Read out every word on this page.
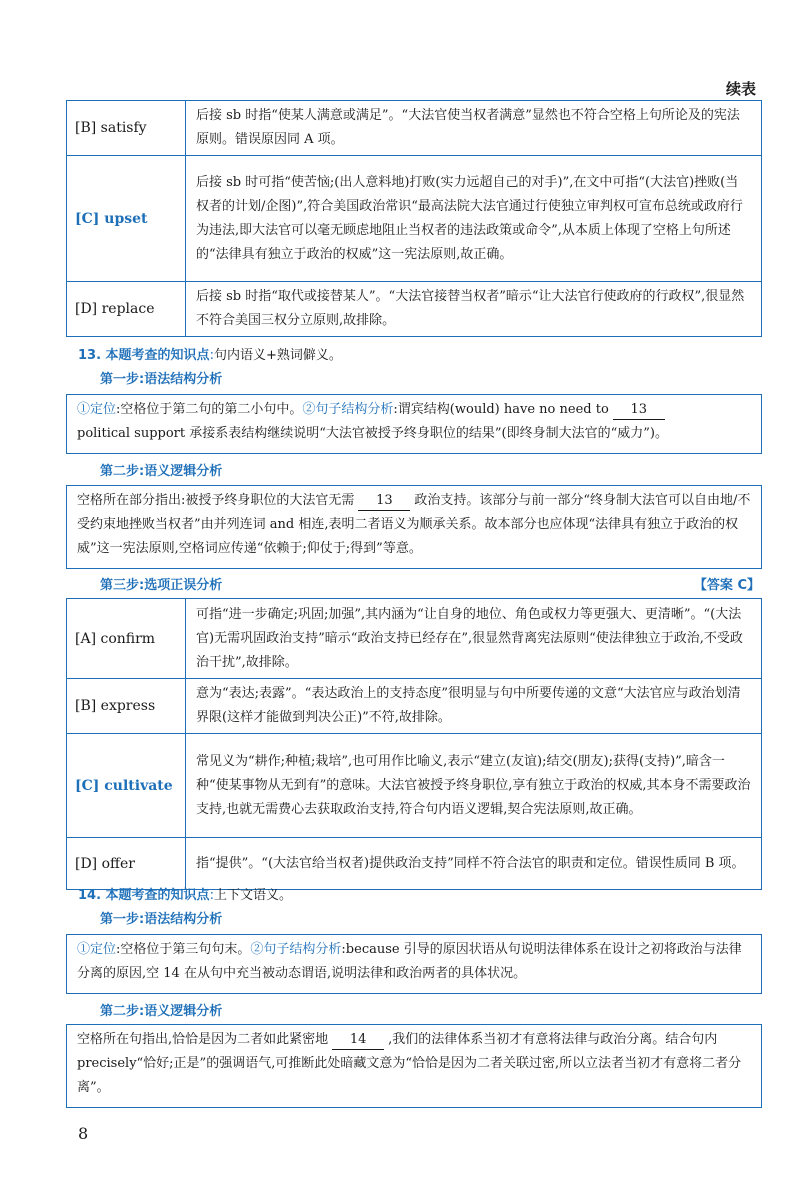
续表
[B] satisfy	后接 sb 时指“使某人满意或满足”。“大法官使当权者满意”显然也不符合空格上句所论及的宪法原则。错误原因同 A 项。
[C] upset	后接 sb 时可指“使苦恼;(出人意料地)打败(实力远超自己的对手)”,在文中可指“(大法官)挫败(当权者的计划/企图)”,符合美国政治常识“最高法院大法官通过行使独立审判权可宣布总统或政府行为违法,即大法官可以毫无顾虑地阻止当权者的违法政策或命令”,从本质上体现了空格上句所述的“法律具有独立于政治的权威”这一宪法原则,故正确。
[D] replace	后接 sb 时指“取代或接替某人”。“大法官接替当权者”暗示“让大法官行使政府的行政权”,很显然不符合美国三权分立原则,故排除。
13. 本题考查的知识点:句内语义+熟词僻义。
第一步:语法结构分析
①定位:空格位于第二句的第二小句中。②句子结构分析:谓宾结构(would) have no need to 13
political support 承接系表结构继续说明“大法官被授予终身职位的结果”(即终身制大法官的“威力”)。
第二步:语义逻辑分析
空格所在部分指出:被授予终身职位的大法官无需 13 政治支持。该部分与前一部分“终身制大法官可以自由地/不受约束地挫败当权者”由并列连词 and 相连,表明二者语义为顺承关系。故本部分也应体现“法律具有独立于政治的权威”这一宪法原则,空格词应传递“依赖于;仰仗于;得到”等意。
第三步:选项正误分析	【答案 C】
[A] confirm	可指“进一步确定;巩固;加强”,其内涵为“让自身的地位、角色或权力等更强大、更清晰”。“(大法官)无需巩固政治支持”暗示“政治支持已经存在”,很显然背离宪法原则“使法律独立于政治,不受政治干扰”,故排除。
[B] express	意为“表达;表露”。“表达政治上的支持态度”很明显与句中所要传递的文意“大法官应与政治划清界限(这样才能做到判决公正)”不符,故排除。
[C] cultivate	常见义为“耕作;种植;栽培”,也可用作比喻义,表示“建立(友谊);结交(朋友);获得(支持)”,暗含一种“使某事物从无到有”的意味。大法官被授予终身职位,享有独立于政治的权威,其本身不需要政治支持,也就无需费心去获取政治支持,符合句内语义逻辑,契合宪法原则,故正确。
[D] offer	指“提供”。“(大法官给当权者)提供政治支持”同样不符合法官的职责和定位。错误性质同 B 项。
14. 本题考查的知识点:上下文语义。
第一步:语法结构分析
①定位:空格位于第三句句末。②句子结构分析:because 引导的原因状语从句说明法律体系在设计之初将政治与法律分离的原因,空 14 在从句中充当被动态谓语,说明法律和政治两者的具体状况。
第二步:语义逻辑分析
空格所在句指出,恰恰是因为二者如此紧密地 14 ,我们的法律体系当初才有意将法律与政治分离。结合句内 precisely“恰好;正是”的强调语气,可推断此处暗藏文意为“恰恰是因为二者关联过密,所以立法者当初才有意将二者分离”。
8
